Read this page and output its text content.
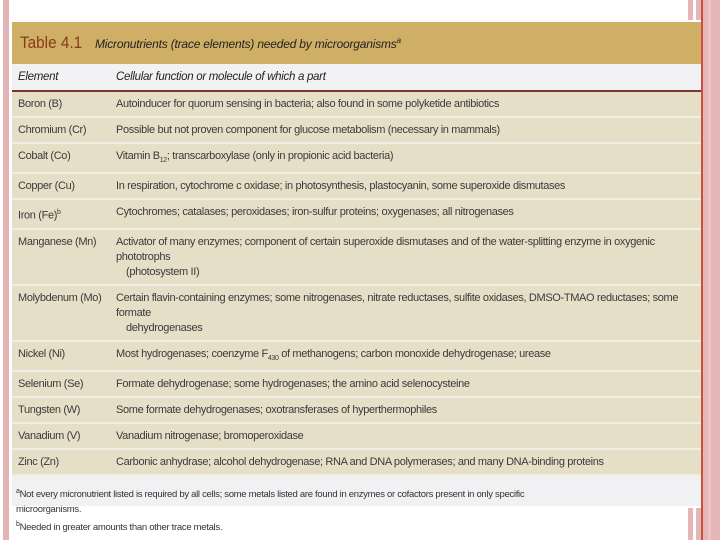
Table 4.1 Micronutrients (trace elements) needed by microorganisms$^a$
Element	Cellular function or molecule of which a part
Boron (B)	Autoinducer for quorum sensing in bacteria; also found in some polyketide antibiotics
Chromium (Cr)	Possible but not proven component for glucose metabolism (necessary in mammals)
Cobalt (Co)	Vitamin $B_{12}$; transcarboxylase (only in propionic acid bacteria)
Copper (Cu)	In respiration, cytochrome c oxidase; in photosynthesis, plastocyanin, some superoxide dismutases
Iron $(Fe)^b$	Cytochromes; catalases; peroxidases; iron-sulfur proteins; oxygenases; all nitrogenases
Manganese (Mn)	Activator of many enzymes; component of certain superoxide dismutases and of the water-splitting enzyme in oxygenic phototrophs
(photosystem II)
Molybdenum (Mo)	Certain flavin-containing enzymes; some nitrogenases, nitrate reductases, sulfite oxidases, DMSO-TMAO reductases; some formate
dehydrogenases
Nickel (Ni)	Most hydrogenases; coenzyme $F_{430}$ of methanogens; carbon monoxide dehydrogenase; urease
Selenium (Se)	Formate dehydrogenase; some hydrogenases; the amino acid selenocysteine
Tungsten (W)	Some formate dehydrogenases; oxotransferases of hyperthermophiles
Vanadium (V)	Vanadium nitrogenase; bromoperoxidase
Zinc (Zn)	Carbonic anhydrase; alcohol dehydrogenase; RNA and DNA polymerases; and many DNA-binding proteins
$^a$Not every micronutrient listed is required by all cells; some metals listed are found in enzymes or cofactors present in only specific
microorganisms.
$^b$Needed in greater amounts than other trace metals.
